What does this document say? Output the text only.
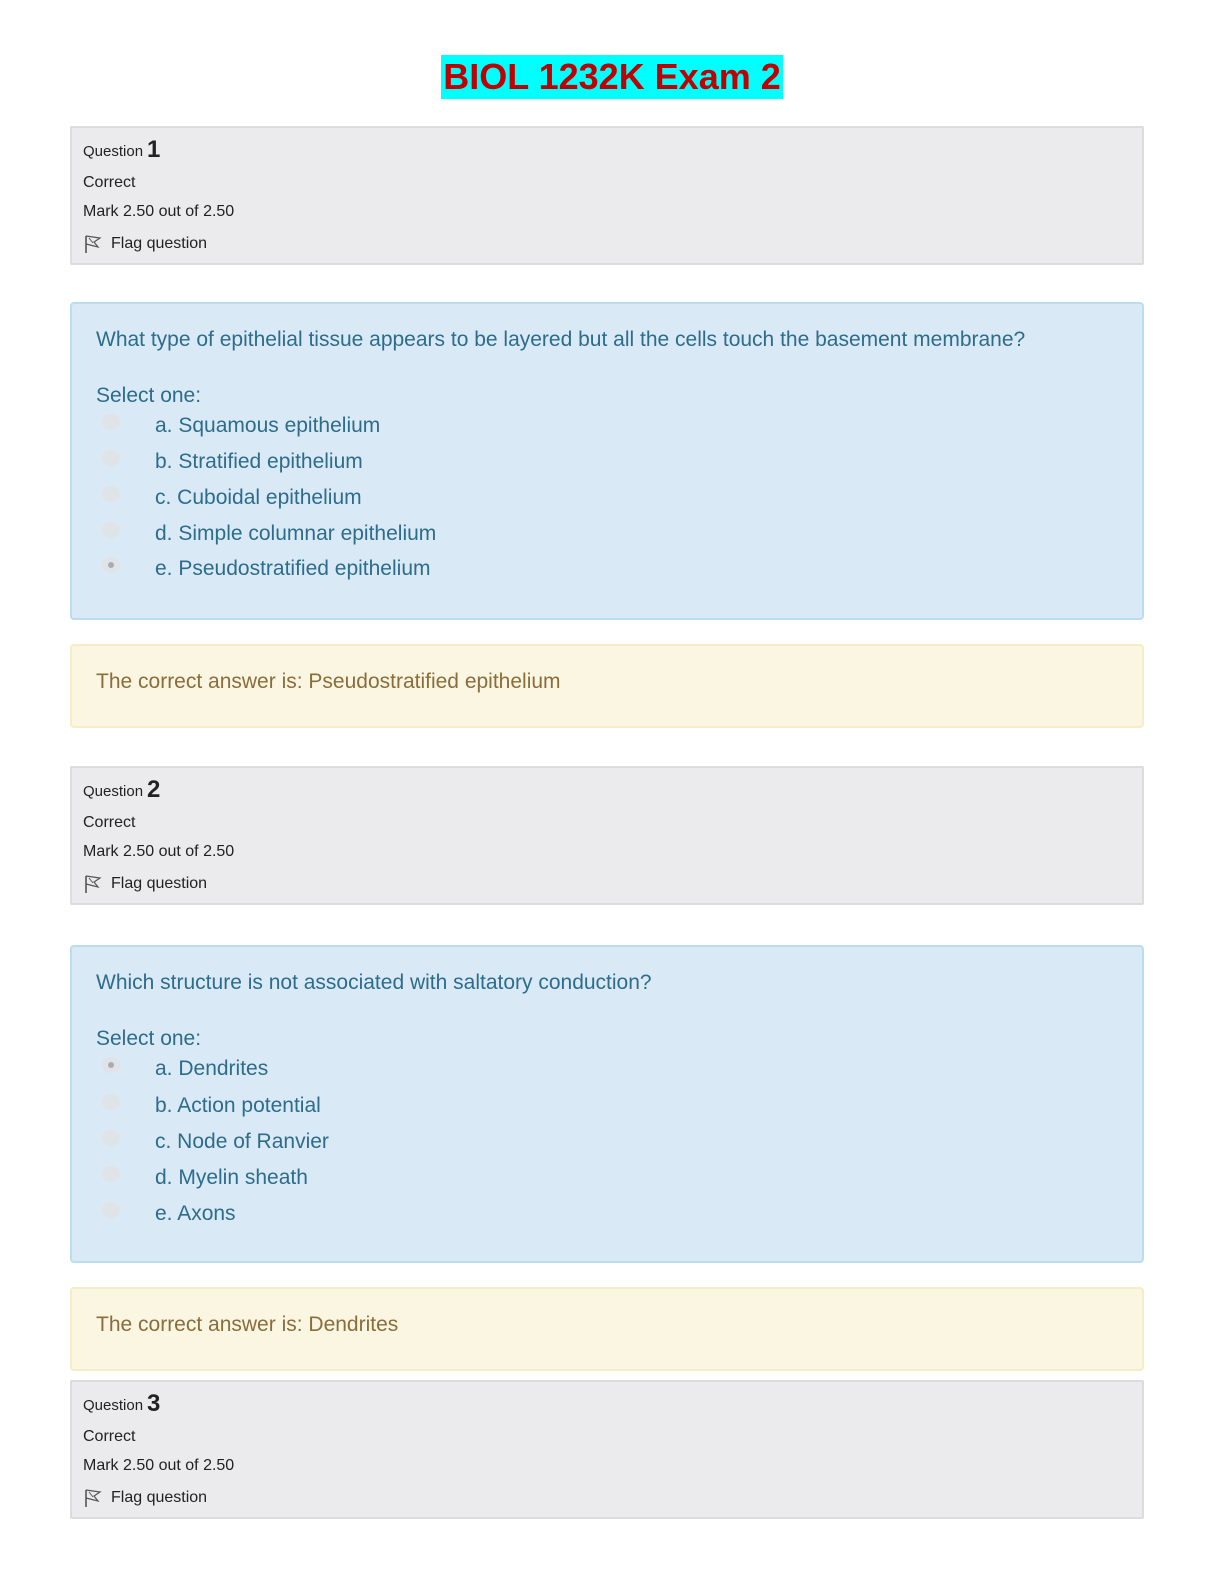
BIOL 1232K Exam 2
Question 1
Correct
Mark 2.50 out of 2.50
Flag question
What type of epithelial tissue appears to be layered but all the cells touch the basement membrane?
Select one:
a. Squamous epithelium
b. Stratified epithelium
c. Cuboidal epithelium
d. Simple columnar epithelium
e. Pseudostratified epithelium
The correct answer is: Pseudostratified epithelium
Question 2
Correct
Mark 2.50 out of 2.50
Flag question
Which structure is not associated with saltatory conduction?
Select one:
a. Dendrites
b. Action potential
c. Node of Ranvier
d. Myelin sheath
e. Axons
The correct answer is: Dendrites
Question 3
Correct
Mark 2.50 out of 2.50
Flag question
